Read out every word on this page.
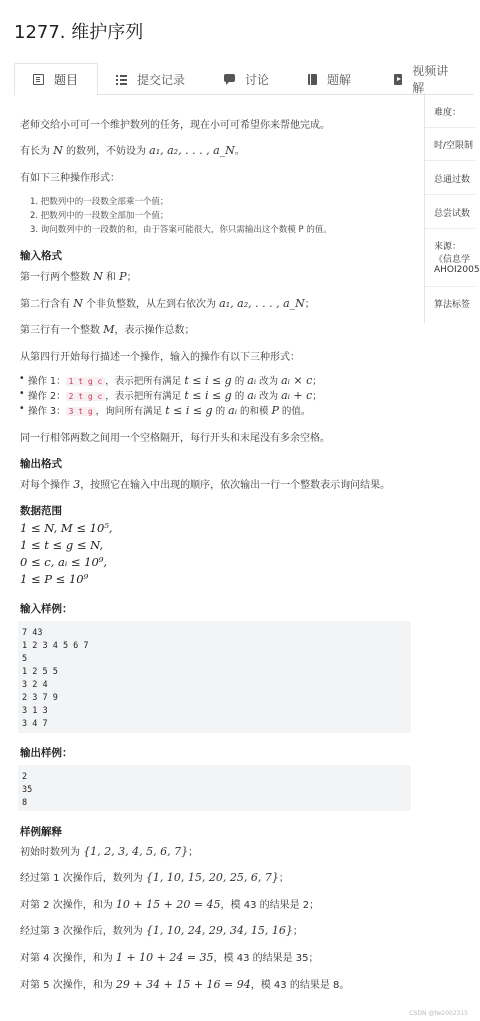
1277. 维护序列
题目	提交记录	讨论	题解
视频讲解
难度：
时/空限制
总通过数
总尝试数
来源：
《信息学
AHOI2005
算法标签
老师交给小可可一个维护数列的任务，现在小可可希望你来帮他完成。
有长为 N 的数列，不妨设为 a₁, a₂, . . . , a_N。
有如下三种操作形式：
1. 把数列中的一段数全部乘一个值；
2. 把数列中的一段数全部加一个值；
3. 询问数列中的一段数的和，由于答案可能很大，你只需输出这个数模 P 的值。
输入格式
第一行两个整数 N 和 P；
第二行含有 N 个非负整数，从左到右依次为 a₁, a₂, . . . , a_N；
第三行有一个整数 M，表示操作总数；
从第四行开始每行描述一个操作，输入的操作有以下三种形式：
• 操作 1： 1 t g c ，表示把所有满足 t ≤ i ≤ g 的 aᵢ 改为 aᵢ × c；
• 操作 2： 2 t g c ，表示把所有满足 t ≤ i ≤ g 的 aᵢ 改为 aᵢ + c；
• 操作 3： 3 t g ，询问所有满足 t ≤ i ≤ g 的 aᵢ 的和模 P 的值。
同一行相邻两数之间用一个空格隔开，每行开头和末尾没有多余空格。
输出格式
对每个操作 3，按照它在输入中出现的顺序，依次输出一行一个整数表示询问结果。
数据范围
1 ≤ N, M ≤ 10⁵,
1 ≤ t ≤ g ≤ N,
0 ≤ c, aᵢ ≤ 10⁹,
1 ≤ P ≤ 10⁹
输入样例：
7 43
1 2 3 4 5 6 7
5
1 2 5 5
3 2 4
2 3 7 9
3 1 3
3 4 7
输出样例：
2
35
8
样例解释
初始时数列为 {1, 2, 3, 4, 5, 6, 7}；
经过第 1 次操作后，数列为 {1, 10, 15, 20, 25, 6, 7}；
对第 2 次操作，和为 10 + 15 + 20 = 45，模 43 的结果是 2；
经过第 3 次操作后，数列为 {1, 10, 24, 29, 34, 15, 16}；
对第 4 次操作，和为 1 + 10 + 24 = 35，模 43 的结果是 35；
对第 5 次操作，和为 29 + 34 + 15 + 16 = 94，模 43 的结果是 8。
CSDN @fw2002315
